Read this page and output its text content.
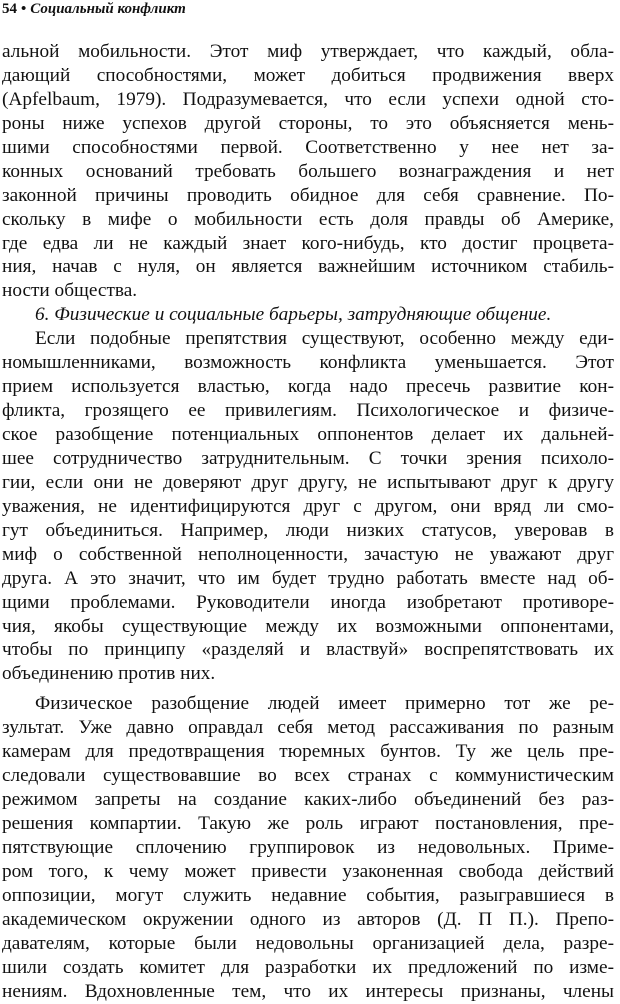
54 • Социальный конфликт
альной мобильности. Этот миф утверждает, что каждый, обла-
дающий способностями, может добиться продвижения вверх
(Apfelbaum, 1979). Подразумевается, что если успехи одной сто-
роны ниже успехов другой стороны, то это объясняется мень-
шими способностями первой. Соответственно у нее нет за-
конных оснований требовать большего вознаграждения и нет
законной причины проводить обидное для себя сравнение. По-
скольку в мифе о мобильности есть доля правды об Америке,
где едва ли не каждый знает кого-нибудь, кто достиг процвета-
ния, начав с нуля, он является важнейшим источником стабиль-
ности общества.
6. Физические и социальные барьеры, затрудняющие общение.
Если подобные препятствия существуют, особенно между еди-
номышленниками, возможность конфликта уменьшается. Этот
прием используется властью, когда надо пресечь развитие кон-
фликта, грозящего ее привилегиям. Психологическое и физиче-
ское разобщение потенциальных оппонентов делает их дальней-
шее сотрудничество затруднительным. С точки зрения психоло-
гии, если они не доверяют друг другу, не испытывают друг к другу
уважения, не идентифицируются друг с другом, они вряд ли смо-
гут объединиться. Например, люди низких статусов, уверовав в
миф о собственной неполноценности, зачастую не уважают друг
друга. А это значит, что им будет трудно работать вместе над об-
щими проблемами. Руководители иногда изобретают противоре-
чия, якобы существующие между их возможными оппонентами,
чтобы по принципу «разделяй и властвуй» воспрепятствовать их
объединению против них.
Физическое разобщение людей имеет примерно тот же ре-
зультат. Уже давно оправдал себя метод рассаживания по разным
камерам для предотвращения тюремных бунтов. Ту же цель пре-
следовали существовавшие во всех странах с коммунистическим
режимом запреты на создание каких-либо объединений без раз-
решения компартии. Такую же роль играют постановления, пре-
пятствующие сплочению группировок из недовольных. Приме-
ром того, к чему может привести узаконенная свобода действий
оппозиции, могут служить недавние события, разыгравшиеся в
академическом окружении одного из авторов (Д. П П.). Препо-
давателям, которые были недовольны организацией дела, разре-
шили создать комитет для разработки их предложений по изме-
нениям. Вдохновленные тем, что их интересы признаны, члены
